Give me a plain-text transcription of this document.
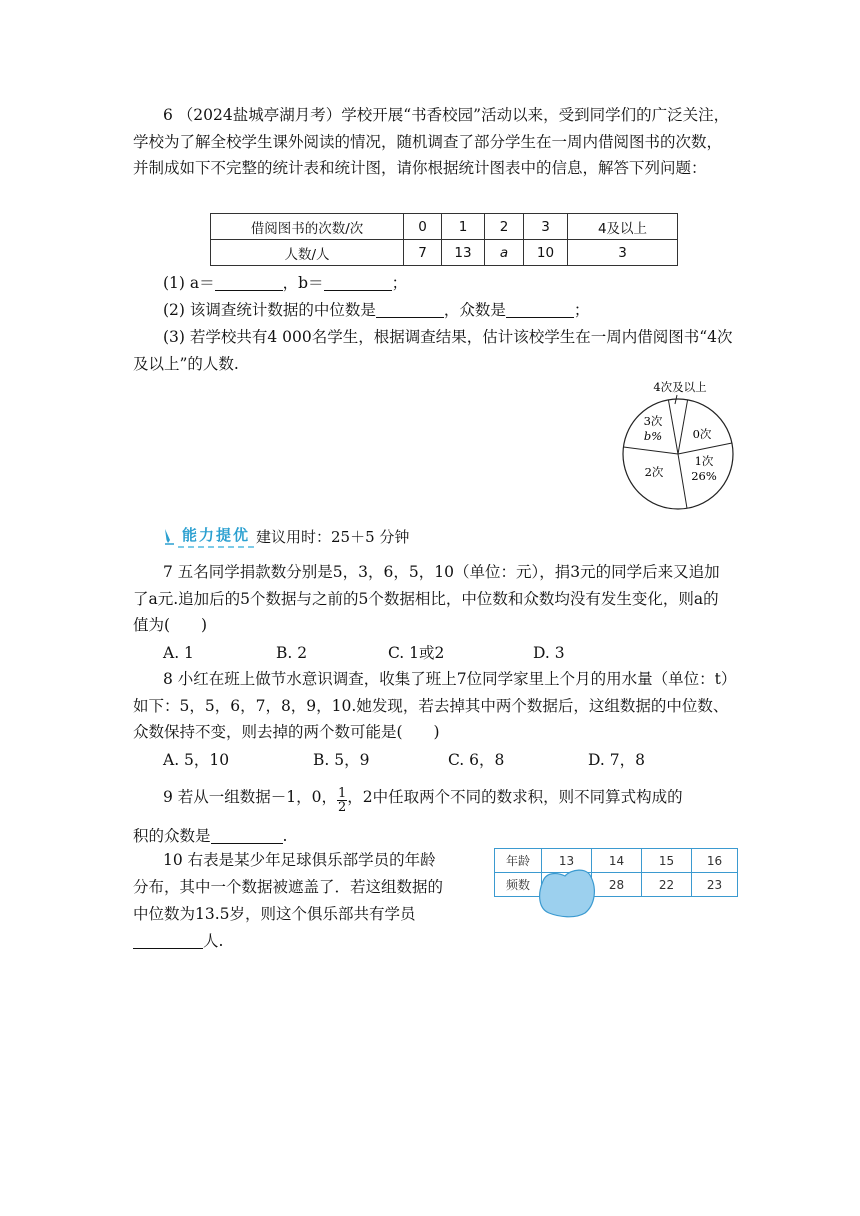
6 （2024盐城亭湖月考）学校开展“书香校园”活动以来，受到同学们的广泛关注，学校为了解全校学生课外阅读的情况，随机调查了部分学生在一周内借阅图书的次数，并制成如下不完整的统计表和统计图，请你根据统计图表中的信息，解答下列问题：
借阅图书的次数/次	0	1	2	3	4及以上
人数/人	7	13	a	10	3
(1) a＝	，b＝	；
(2) 该调查统计数据的中位数是	，众数是	；
(3) 若学校共有4 000名学生，根据调查结果，估计该校学生在一周内借阅图书“4次及以上”的人数.
4次及以上
3次
b%	0次
1次
26%
2次
能力提优 建议用时：25＋5 分钟
7 五名同学捐款数分别是5，3，6，5，10（单位：元），捐3元的同学后来又追加了a元.追加后的5个数据与之前的5个数据相比，中位数和众数均没有发生变化，则a的值为(　　)
A. 1	B. 2	C. 1或2	D. 3
8 小红在班上做节水意识调查，收集了班上7位同学家里上个月的用水量（单位：t）如下：5，5，6，7，8，9，10.她发现，若去掉其中两个数据后，这组数据的中位数、众数保持不变，则去掉的两个数可能是(　　)
A. 5，10	B. 5，9	C. 6，8	D. 7，8
9 若从一组数据－1，0， $\frac{1}{2}$ ，2中任取两个不同的数求积，则不同算式构成的
积的众数是	.
10 右表是某少年足球俱乐部学员的年龄
分布，其中一个数据被遮盖了．若这组数据的
中位数为13.5岁，则这个俱乐部共有学员
人.
年龄	13	14	15	16
频数		28	22	23
